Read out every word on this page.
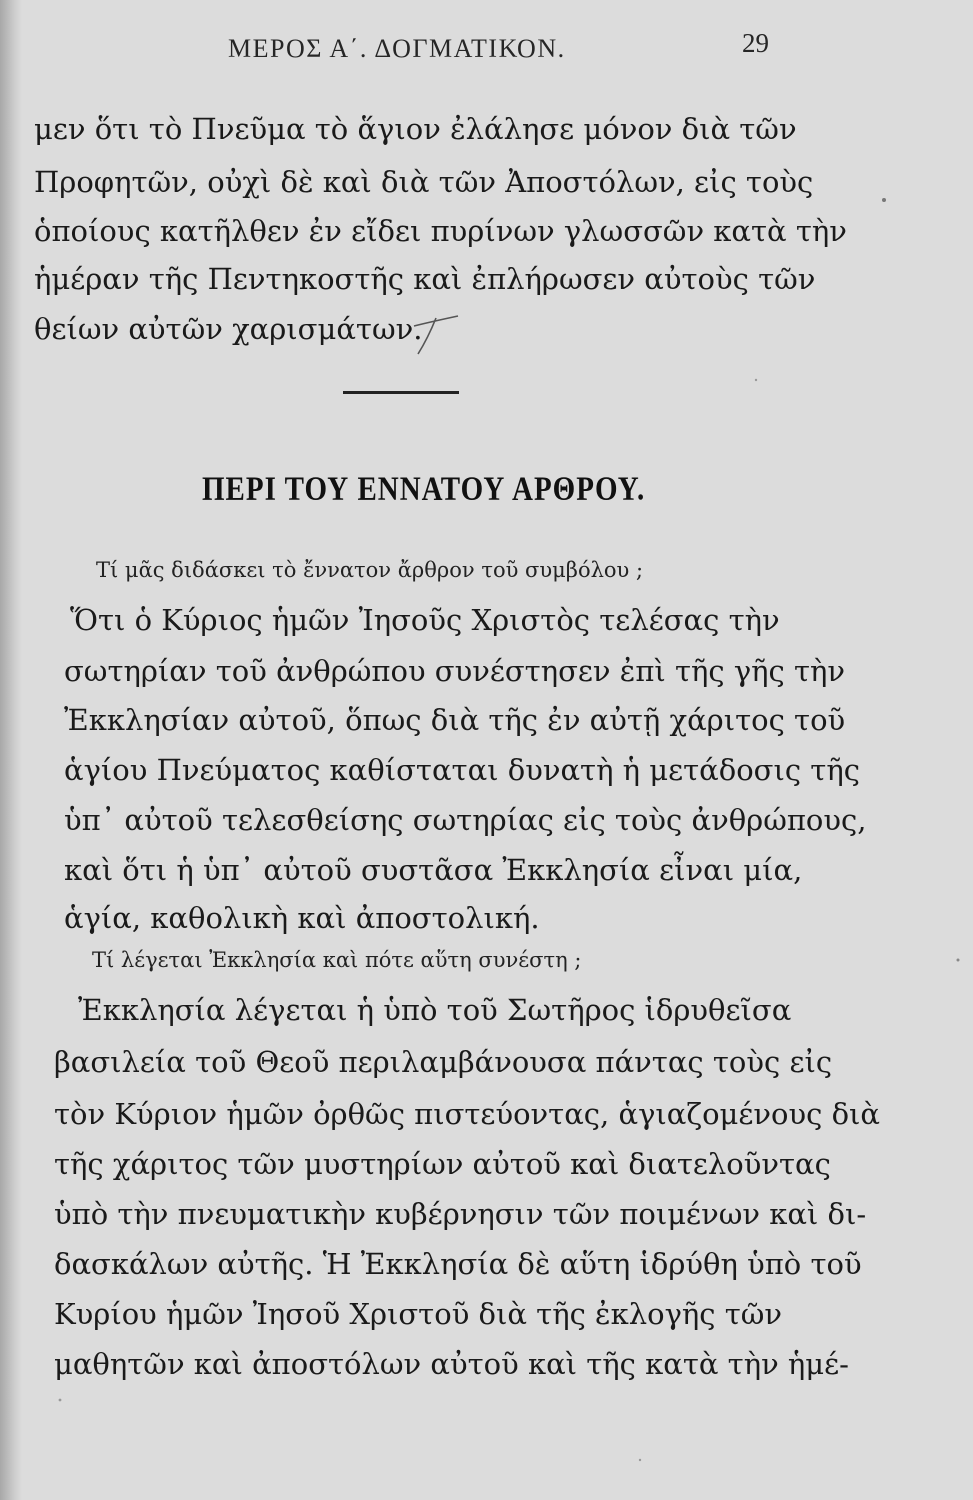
ΜΕΡΟΣ Α΄. ΔΟΓΜΑΤΙΚΟΝ.	29
μεν ὅτι τὸ Πνεῦμα τὸ ἅγιον ἐλάλησε μόνον διὰ τῶν
Προφητῶν, οὐχὶ δὲ καὶ διὰ τῶν Ἀποστόλων, εἰς τοὺς
ὁποίους κατῆλθεν ἐν εἴδει πυρίνων γλωσσῶν κατὰ τὴν
ἡμέραν τῆς Πεντηκοστῆς καὶ ἐπλήρωσεν αὐτοὺς τῶν
θείων αὐτῶν χαρισμάτων.
ΠΕΡΙ ΤΟΥ ΕΝΝΑΤΟΥ ΑΡΘΡΟΥ.
Τί μᾶς διδάσκει τὸ ἔννατον ἄρθρον τοῦ συμβόλου ;
Ὅτι ὁ Κύριος ἡμῶν Ἰησοῦς Χριστὸς τελέσας τὴν
σωτηρίαν τοῦ ἀνθρώπου συνέστησεν ἐπὶ τῆς γῆς τὴν
Ἐκκλησίαν αὐτοῦ, ὅπως διὰ τῆς ἐν αὐτῇ χάριτος τοῦ
ἁγίου Πνεύματος καθίσταται δυνατὴ ἡ μετάδοσις τῆς
ὑπ᾽ αὐτοῦ τελεσθείσης σωτηρίας εἰς τοὺς ἀνθρώπους,
καὶ ὅτι ἡ ὑπ᾽ αὐτοῦ συστᾶσα Ἐκκλησία εἶναι μία,
ἁγία, καθολικὴ καὶ ἀποστολική.
Τί λέγεται Ἐκκλησία καὶ πότε αὕτη συνέστη ;
Ἐκκλησία λέγεται ἡ ὑπὸ τοῦ Σωτῆρος ἱδρυθεῖσα
βασιλεία τοῦ Θεοῦ περιλαμβάνουσα πάντας τοὺς εἰς
τὸν Κύριον ἡμῶν ὀρθῶς πιστεύοντας, ἁγιαζομένους διὰ
τῆς χάριτος τῶν μυστηρίων αὐτοῦ καὶ διατελοῦντας
ὑπὸ τὴν πνευματικὴν κυβέρνησιν τῶν ποιμένων καὶ δι-
δασκάλων αὐτῆς. Ἡ Ἐκκλησία δὲ αὕτη ἱδρύθη ὑπὸ τοῦ
Κυρίου ἡμῶν Ἰησοῦ Χριστοῦ διὰ τῆς ἐκλογῆς τῶν
μαθητῶν καὶ ἀποστόλων αὐτοῦ καὶ τῆς κατὰ τὴν ἡμέ-
